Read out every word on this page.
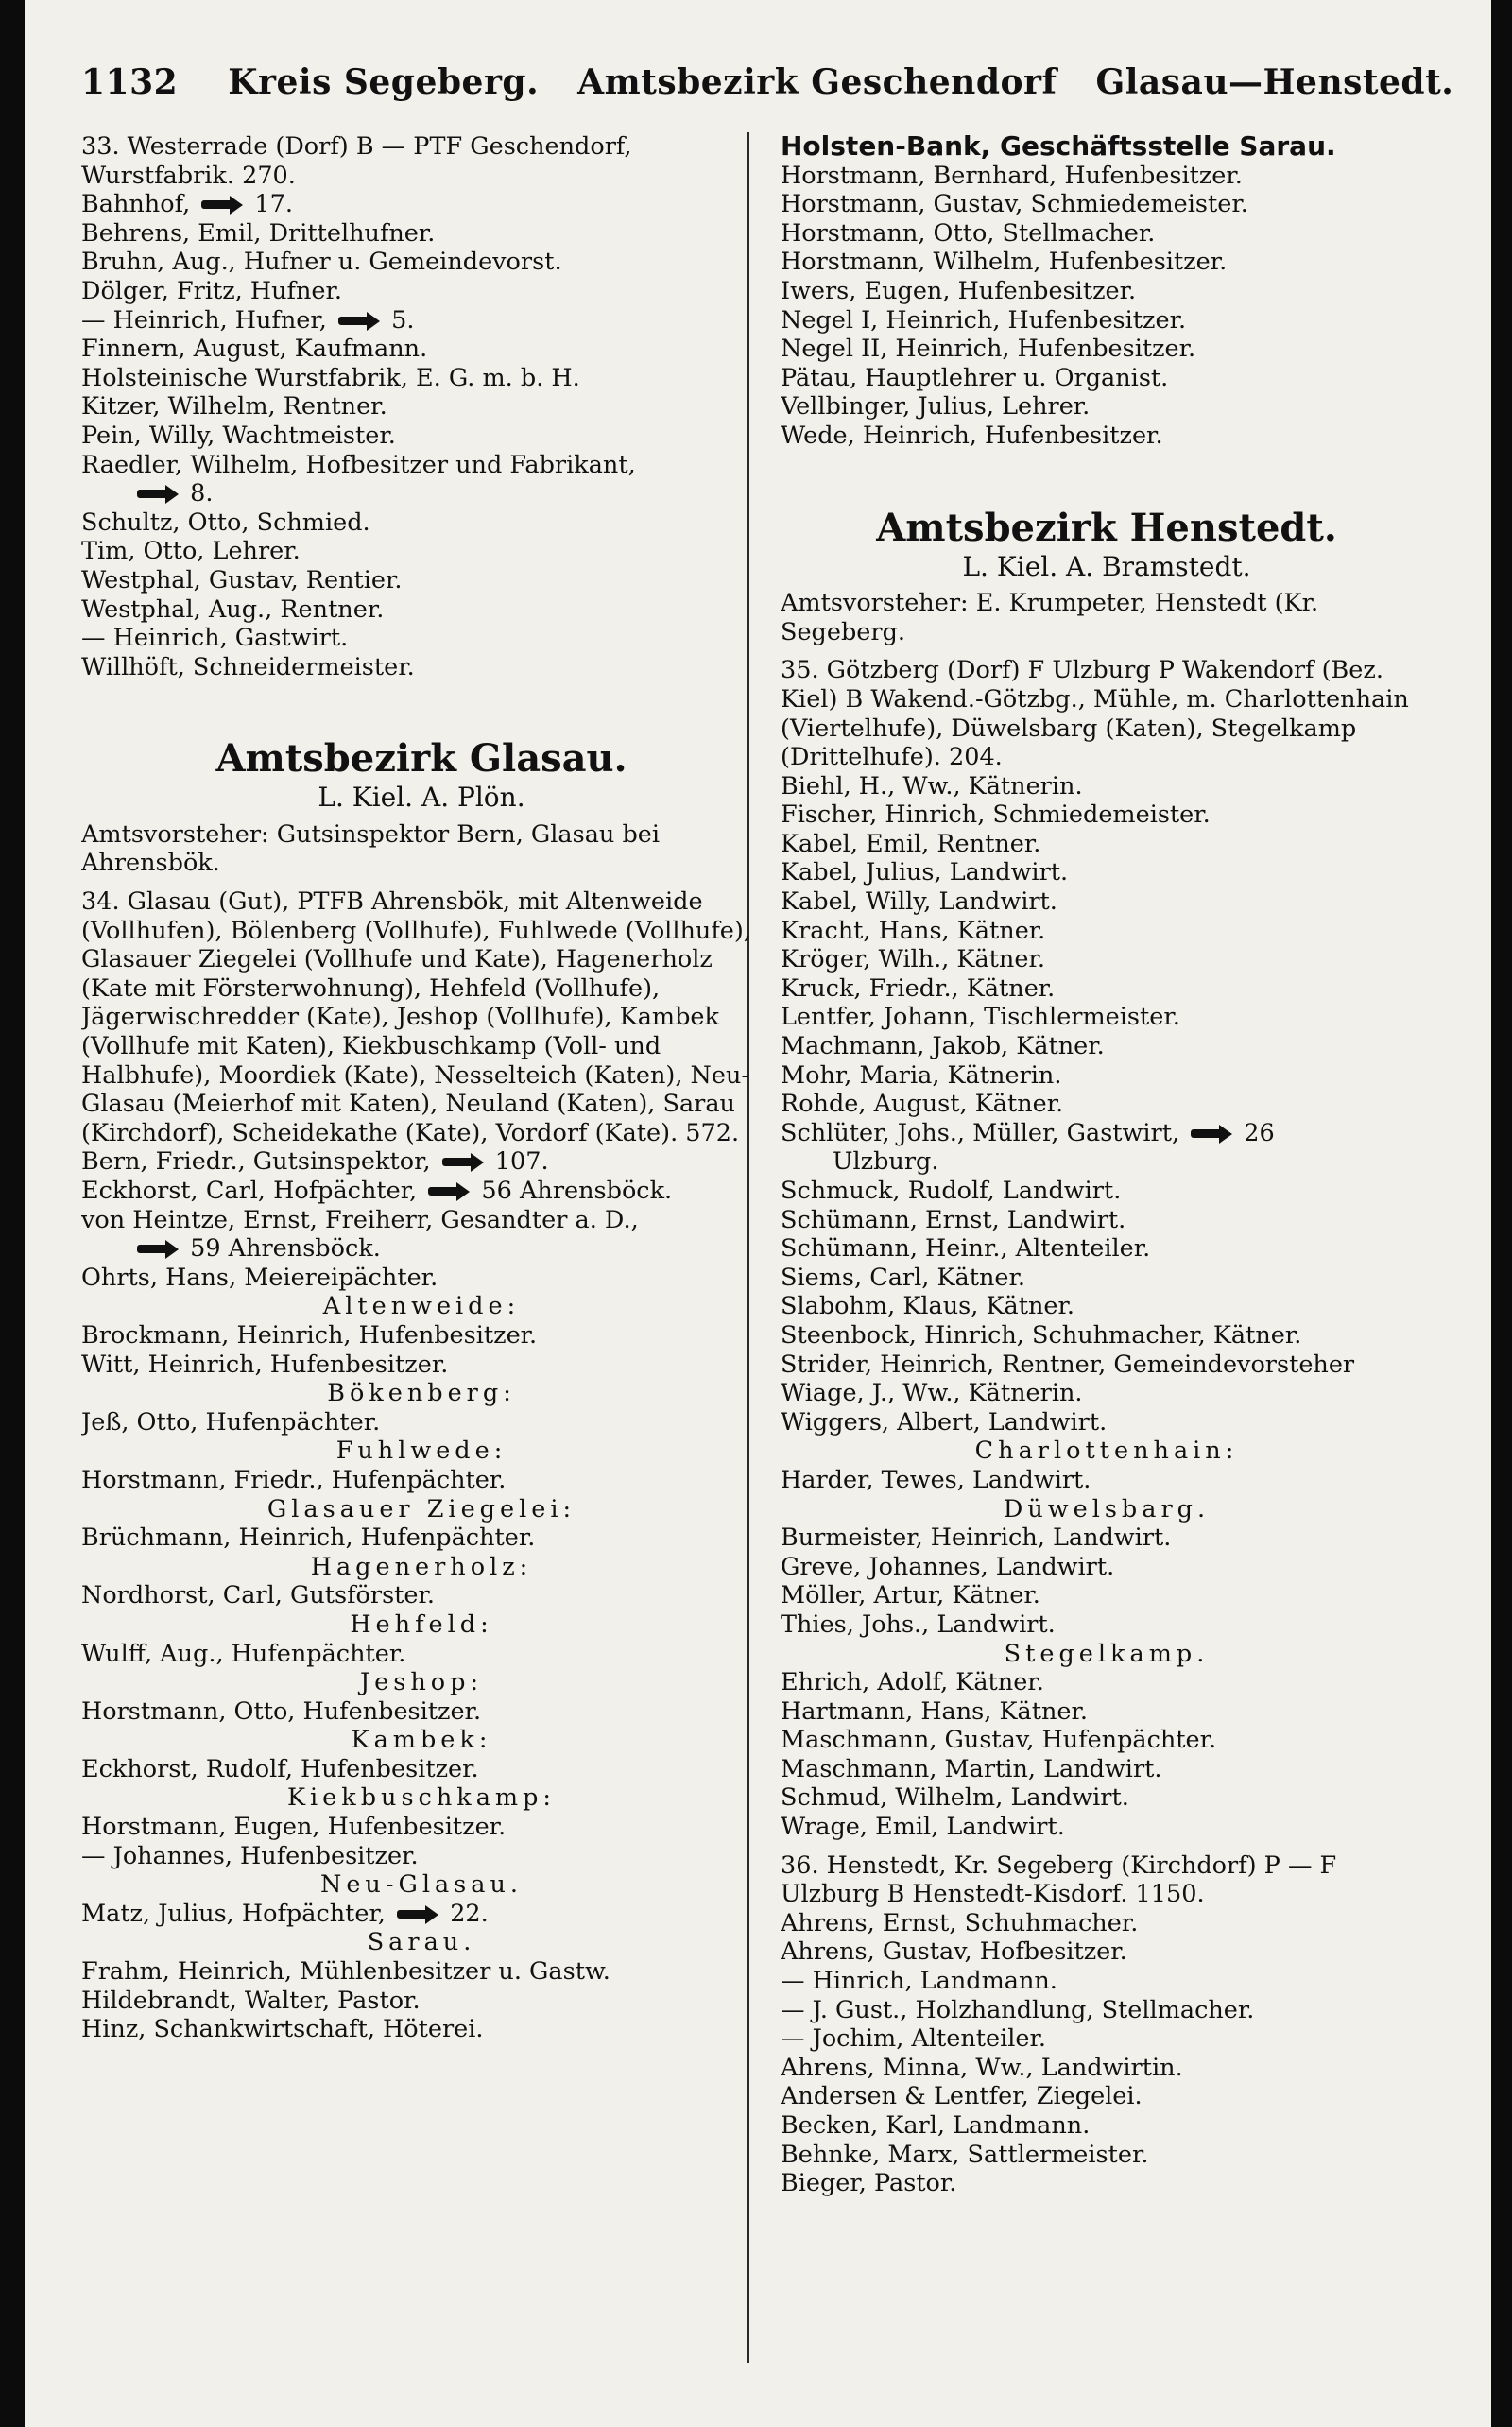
1132 Kreis Segeberg. Amtsbezirk Geschendorf Glasau—Henstedt.
33. Westerrade (Dorf) B — PTF Geschendorf, Wurstfabrik. 270.
Bahnhof,  17.
Behrens, Emil, Drittelhufner.
Bruhn, Aug., Hufner u. Gemeindevorst.
Dölger, Fritz, Hufner.
— Heinrich, Hufner,  5.
Finnern, August, Kaufmann.
Holsteinische Wurstfabrik, E. G. m. b. H.
Kitzer, Wilhelm, Rentner.
Pein, Willy, Wachtmeister.
Raedler, Wilhelm, Hofbesitzer und Fabrikant,
8.
Schultz, Otto, Schmied.
Tim, Otto, Lehrer.
Westphal, Gustav, Rentier.
Westphal, Aug., Rentner.
— Heinrich, Gastwirt.
Willhöft, Schneidermeister.
Amtsbezirk Glasau.
L. Kiel. A. Plön.
Amtsvorsteher: Gutsinspektor Bern, Glasau bei Ahrensbök.
34. Glasau (Gut), PTFB Ahrensbök, mit Altenweide (Vollhufen), Bölenberg (Vollhufe), Fuhlwede (Vollhufe), Glasauer Ziegelei (Vollhufe und Kate), Hagenerholz (Kate mit Försterwohnung), Hehfeld (Vollhufe), Jägerwischredder (Kate), Jeshop (Vollhufe), Kambek (Vollhufe mit Katen), Kiekbuschkamp (Voll- und Halbhufe), Moordiek (Kate), Nesselteich (Katen), Neu-Glasau (Meierhof mit Katen), Neuland (Katen), Sarau (Kirchdorf), Scheidekathe (Kate), Vordorf (Kate). 572.
Bern, Friedr., Gutsinspektor,  107.
Eckhorst, Carl, Hofpächter,  56 Ahrensböck.
von Heintze, Ernst, Freiherr, Gesandter a. D.,
59 Ahrensböck.
Ohrts, Hans, Meiereipächter.
Altenweide:
Brockmann, Heinrich, Hufenbesitzer.
Witt, Heinrich, Hufenbesitzer.
Bökenberg:
Jeß, Otto, Hufenpächter.
Fuhlwede:
Horstmann, Friedr., Hufenpächter.
Glasauer Ziegelei:
Brüchmann, Heinrich, Hufenpächter.
Hagenerholz:
Nordhorst, Carl, Gutsförster.
Hehfeld:
Wulff, Aug., Hufenpächter.
Jeshop:
Horstmann, Otto, Hufenbesitzer.
Kambek:
Eckhorst, Rudolf, Hufenbesitzer.
Kiekbuschkamp:
Horstmann, Eugen, Hufenbesitzer.
— Johannes, Hufenbesitzer.
Neu-Glasau.
Matz, Julius, Hofpächter,  22.
Sarau.
Frahm, Heinrich, Mühlenbesitzer u. Gastw.
Hildebrandt, Walter, Pastor.
Hinz, Schankwirtschaft, Höterei.
Holsten-Bank, Geschäftsstelle Sarau.
Horstmann, Bernhard, Hufenbesitzer.
Horstmann, Gustav, Schmiedemeister.
Horstmann, Otto, Stellmacher.
Horstmann, Wilhelm, Hufenbesitzer.
Iwers, Eugen, Hufenbesitzer.
Negel I, Heinrich, Hufenbesitzer.
Negel II, Heinrich, Hufenbesitzer.
Pätau, Hauptlehrer u. Organist.
Vellbinger, Julius, Lehrer.
Wede, Heinrich, Hufenbesitzer.
Amtsbezirk Henstedt.
L. Kiel. A. Bramstedt.
Amtsvorsteher: E. Krumpeter, Henstedt (Kr. Segeberg.
35. Götzberg (Dorf) F Ulzburg P Wakendorf (Bez. Kiel) B Wakend.-Götzbg., Mühle, m. Charlottenhain (Viertelhufe), Düwelsbarg (Katen), Stegelkamp (Drittelhufe). 204.
Biehl, H., Ww., Kätnerin.
Fischer, Hinrich, Schmiedemeister.
Kabel, Emil, Rentner.
Kabel, Julius, Landwirt.
Kabel, Willy, Landwirt.
Kracht, Hans, Kätner.
Kröger, Wilh., Kätner.
Kruck, Friedr., Kätner.
Lentfer, Johann, Tischlermeister.
Machmann, Jakob, Kätner.
Mohr, Maria, Kätnerin.
Rohde, August, Kätner.
Schlüter, Johs., Müller, Gastwirt,  26
Ulzburg.
Schmuck, Rudolf, Landwirt.
Schümann, Ernst, Landwirt.
Schümann, Heinr., Altenteiler.
Siems, Carl, Kätner.
Slabohm, Klaus, Kätner.
Steenbock, Hinrich, Schuhmacher, Kätner.
Strider, Heinrich, Rentner, Gemeindevorsteher
Wiage, J., Ww., Kätnerin.
Wiggers, Albert, Landwirt.
Charlottenhain:
Harder, Tewes, Landwirt.
Düwelsbarg.
Burmeister, Heinrich, Landwirt.
Greve, Johannes, Landwirt.
Möller, Artur, Kätner.
Thies, Johs., Landwirt.
Stegelkamp.
Ehrich, Adolf, Kätner.
Hartmann, Hans, Kätner.
Maschmann, Gustav, Hufenpächter.
Maschmann, Martin, Landwirt.
Schmud, Wilhelm, Landwirt.
Wrage, Emil, Landwirt.
36. Henstedt, Kr. Segeberg (Kirchdorf) P — F Ulzburg B Henstedt-Kisdorf. 1150.
Ahrens, Ernst, Schuhmacher.
Ahrens, Gustav, Hofbesitzer.
— Hinrich, Landmann.
— J. Gust., Holzhandlung, Stellmacher.
— Jochim, Altenteiler.
Ahrens, Minna, Ww., Landwirtin.
Andersen & Lentfer, Ziegelei.
Becken, Karl, Landmann.
Behnke, Marx, Sattlermeister.
Bieger, Pastor.
